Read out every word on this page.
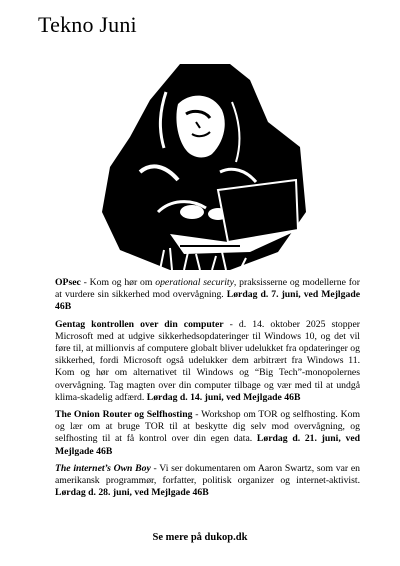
Tekno Juni

OPsec - Kom og hør om operational security, praksisserne og modellerne for at vurdere sin sikkerhed mod overvågning. Lørdag d. 7. juni, ved Mejlgade 46B

Gentag kontrollen over din computer - d. 14. oktober 2025 stopper Microsoft med at udgive sikkerhedsopdateringer til Windows 10, og det vil føre til, at millionvis af computere globalt bliver udelukket fra opdateringer og sikkerhed, fordi Microsoft også udelukker dem arbitrært fra Windows 11. Kom og hør om alternativet til Windows og “Big Tech”-monopolernes overvågning. Tag magten over din computer tilbage og vær med til at undgå klima-skadelig adfærd. Lørdag d. 14. juni, ved Mejlgade 46B

The Onion Router og Selfhosting - Workshop om TOR og selfhosting. Kom og lær om at bruge TOR til at beskytte dig selv mod overvågning, og selfhosting til at få kontrol over din egen data. Lørdag d. 21. juni, ved Mejlgade 46B

The internet’s Own Boy - Vi ser dokumentaren om Aaron Swartz, som var en amerikansk programmør, forfatter, politisk organizer og internet-aktivist. Lørdag d. 28. juni, ved Mejlgade 46B

Se mere på dukop.dk
